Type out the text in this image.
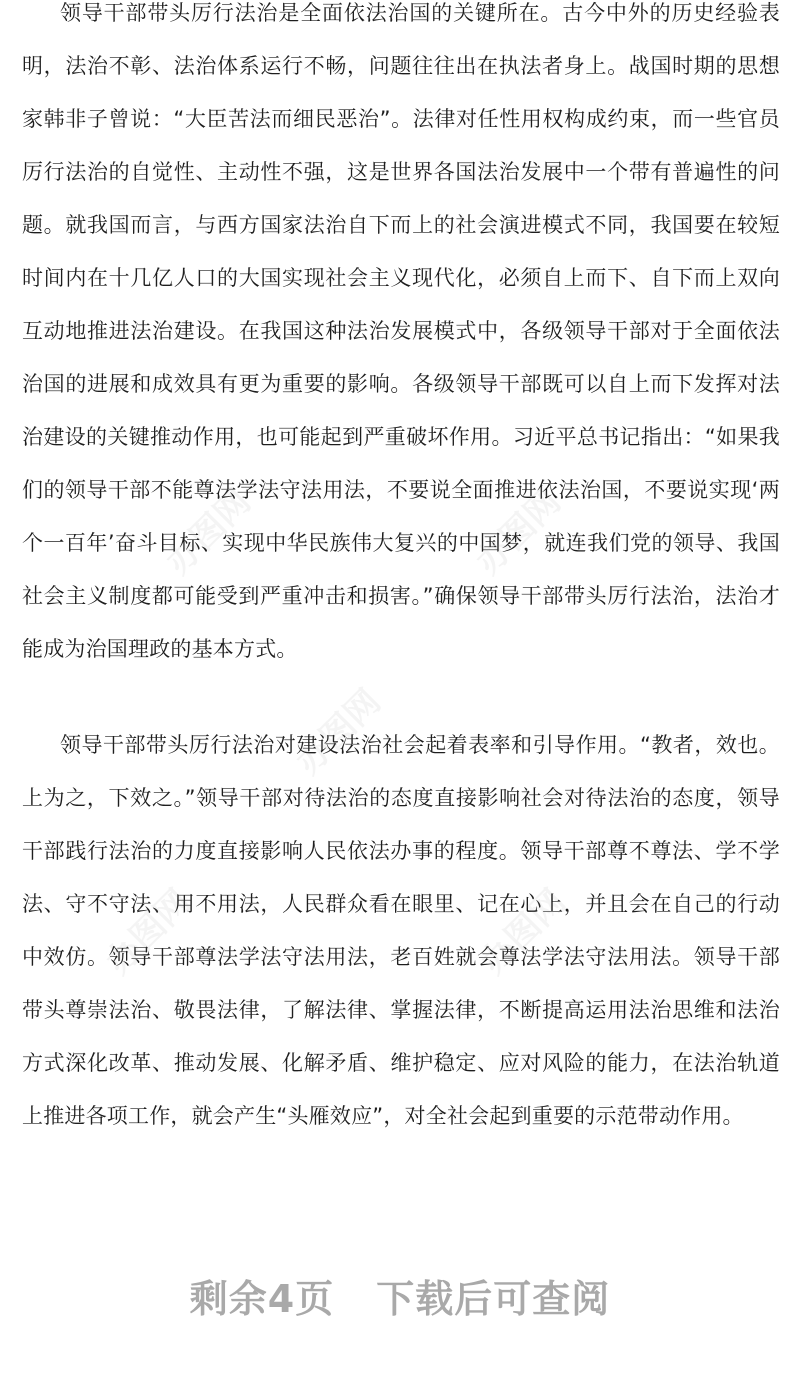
领导干部带头厉行法治是全面依法治国的关键所在。古今中外的历史经验表明，法治不彰、法治体系运行不畅，问题往往出在执法者身上。战国时期的思想家韩非子曾说：“大臣苦法而细民恶治”。法律对任性用权构成约束，而一些官员厉行法治的自觉性、主动性不强，这是世界各国法治发展中一个带有普遍性的问题。就我国而言，与西方国家法治自下而上的社会演进模式不同，我国要在较短时间内在十几亿人口的大国实现社会主义现代化，必须自上而下、自下而上双向互动地推进法治建设。在我国这种法治发展模式中，各级领导干部对于全面依法治国的进展和成效具有更为重要的影响。各级领导干部既可以自上而下发挥对法治建设的关键推动作用，也可能起到严重破坏作用。习近平总书记指出：“如果我们的领导干部不能尊法学法守法用法，不要说全面推进依法治国，不要说实现‘两个一百年’奋斗目标、实现中华民族伟大复兴的中国梦，就连我们党的领导、我国社会主义制度都可能受到严重冲击和损害。”确保领导干部带头厉行法治，法治才能成为治国理政的基本方式。

领导干部带头厉行法治对建设法治社会起着表率和引导作用。“教者，效也。上为之，下效之。”领导干部对待法治的态度直接影响社会对待法治的态度，领导干部践行法治的力度直接影响人民依法办事的程度。领导干部尊不尊法、学不学法、守不守法、用不用法，人民群众看在眼里、记在心上，并且会在自己的行动中效仿。领导干部尊法学法守法用法，老百姓就会尊法学法守法用法。领导干部带头尊崇法治、敬畏法律，了解法律、掌握法律，不断提高运用法治思维和法治方式深化改革、推动发展、化解矛盾、维护稳定、应对风险的能力，在法治轨道上推进各项工作，就会产生“头雁效应”，对全社会起到重要的示范带动作用。

办图网	办图网
办图网
办图网	办图网
剩余4页 下载后可查阅
